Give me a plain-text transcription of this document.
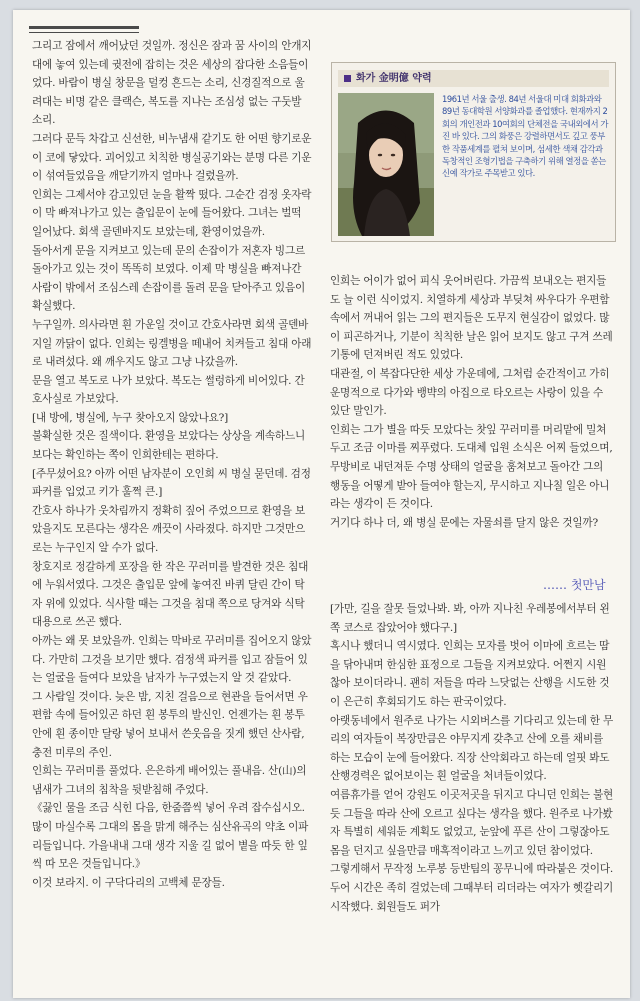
그리고 잠에서 깨어났던 것일까. 정신은 잠과 꿈 사이의 안개지대에 놓여 있는데 귓전에 잡히는 것은 세상의 잡다한 소음들이었다. 바람이 병실 창문을 덜컹 흔드는 소리, 신경질적으로 울려대는 비명 같은 클랙슨, 복도를 지나는 조심성 없는 구둣발 소리.

그러다 문득 차갑고 신선한, 비누냄새 같기도 한 어떤 향기로운이 코에 닿았다. 괴어있고 치칙한 병실공기와는 분명 다른 기운이 섞여들었음을 깨닫기까지 얼마나 걸렸을까.

인희는 그제서야 감고있던 눈을 활짝 떴다. 그순간 검정 옷자락이 막 빠져나가고 있는 출입문이 눈에 들어왔다. 그녀는 벌떡 일어났다. 회색 골덴바지도 보았는데, 환영이었을까.

돌아서게 문을 지켜보고 있는데 문의 손잡이가 저혼자 빙그르 돌아가고 있는 것이 똑똑히 보였다. 이제 막 병실을 빠져나간 사람이 밖에서 조심스레 손잡이를 돌려 문을 닫아주고 있음이 확실했다.

누구일까. 의사라면 흰 가운일 것이고 간호사라면 회색 골덴바지일 까닭이 없다. 인희는 링겔병을 떼내어 치켜들고 침대 아래로 내려섰다. 왜 깨우지도 않고 그냥 나갔을까.

문을 열고 복도로 나가 보았다. 복도는 썰렁하게 비어있다. 간호사실로 가보았다.

[내 방에, 병실에, 누구 찾아오지 않았나요?]

불확실한 것은 질색이다. 환영을 보았다는 상상을 계속하느니보다는 확인하는 쪽이 인희한테는 편하다.

[주무셨어요? 아까 어떤 남자분이 오인희 씨 병실 묻던데. 검정 파커를 입었고 키가 훌쩍 큰.]

간호사 하나가 웃차림까지 정확히 짚어 주었으므로 환영을 보았을지도 모른다는 생각은 깨끗이 사라졌다. 하지만 그것만으로는 누구인지 알 수가 없다.

창호지로 정갈하게 포장을 한 작은 꾸러미를 발견한 것은 침대에 누워서였다. 그것은 출입문 앞에 놓여진 바퀴 달린 간이 탁자 위에 있었다. 식사할 때는 그것을 침대 쪽으로 당겨와 식탁 대용으로 쓰곤 했다.

아까는 왜 못 보았을까. 인희는 막바로 꾸러미를 집어오지 않았다. 가만히 그것을 보기만 했다. 검정색 파커를 입고 잠들어 있는 얼굴을 들여다 보았을 남자가 누구였는지 알 것 같았다.

그 사람일 것이다. 늦은 밤, 지친 걸음으로 현관을 들어서면 우편함 속에 들어있곤 하던 흰 봉투의 발신인. 언젠가는 흰 봉투 안에 흰 종이만 달랑 넣어 보내서 쓴웃음을 짓게 했던 산사람, 충전 미루의 주인.

인희는 꾸러미를 풀었다. 은은하게 배어있는 풀내음. 산(山)의 냄새가 그녀의 침착을 뒷받침해 주었다.

《끓인 물을 조금 식힌 다음, 한줌쯤씩 넣어 우려 잡수십시오. 많이 마실수록 그대의 몸을 맑게 해주는 심산유곡의 약초 이파리들입니다. 가을내내 그대 생각 지울 길 없어 볕을 따듯 한 잎씩 따 모은 것들입니다.》

이것 보라지. 이 구닥다리의 고백체 문장들.

화가 金明億 약력
1961년 서울 출생. 84년 서울대 미대 회화과와 89년 동대학원 서양화과를 졸업했다. 현재까지 2회의 개인전과 10여회의 단체전을 국내외에서 가진 바 있다. 그의 화풍은 강렬하면서도 깊고 풍부한 작품세계를 펼쳐 보이며, 섬세한 색채 감각과 독창적인 조형기법을 구축하기 위해 열정을 쏟는 신예 작가로 주목받고 있다.

인희는 어이가 없어 피식 웃어버린다. 가끔씩 보내오는 편지들도 늘 이런 식이었지. 치열하게 세상과 부딪쳐 싸우다가 우편함 속에서 꺼내어 읽는 그의 편지들은 도무지 현실감이 없었다. 많이 피곤하거나, 기분이 칙칙한 날은 읽어 보지도 않고 구겨 쓰레기통에 던져버린 적도 있었다.

대관절, 이 복잡다단한 세상 가운데에, 그처럼 순간적이고 가히 운명적으로 다가와 뱅뱍의 아집으로 타오르는 사랑이 있을 수 있단 말인가.

인희는 그가 별을 따듯 모았다는 찻잎 꾸러미를 머리맡에 밀쳐두고 조금 이마를 찌푸렸다. 도대체 입원 소식은 어찌 들었으며, 무방비로 내던져둔 수명 상태의 얼굴을 훔쳐보고 돌아간 그의 행동을 어떻게 받아 들여야 할는지, 무시하고 지나칠 일은 아니라는 생각이 든 것이다.

거기다 하나 더, 왜 병실 문에는 자물쇠를 달지 않은 것일까?

…… 첫만남

[가만, 길을 잘못 들었나봐. 봐, 아까 지나친 우레봉에서부터 왼쪽 코스로 잡았어야 했다구.]

혹시나 했더니 역시였다. 인희는 모자를 벗어 이마에 흐르는 땀을 닦아내며 한심한 표정으로 그들을 지켜보았다. 어쩐지 시원찮아 보이더라니. 괜히 저들을 따라 느닷없는 산행을 시도한 것이 은근히 후회되기도 하는 판국이었다.

아랫동네에서 원주로 나가는 시외버스를 기다리고 있는데 한 무리의 여자들이 복장만큼은 야무지게 갖추고 산에 오를 채비를 하는 모습이 눈에 들어왔다. 직장 산악회라고 하는데 얼핏 봐도 산행경력은 없어보이는 흰 얼굴을 처녀들이었다.

여름휴가를 얻어 강원도 이곳저곳을 뒤지고 다니던 인희는 불현듯 그들을 따라 산에 오르고 싶다는 생각을 했다. 원주로 나가봤자 특별히 세워둔 계획도 없었고, 눈앞에 푸른 산이 그렇잖아도 몸을 던지고 싶을만큼 매혹적이라고 느끼고 있던 참이었다.

그렇게해서 무작정 노루봉 등반팀의 꽁무니에 따라붙은 것이다. 두어 시간은 족히 걸었는데 그때부터 리더라는 여자가 헷갈리기 시작했다. 회원들도 퍼가
